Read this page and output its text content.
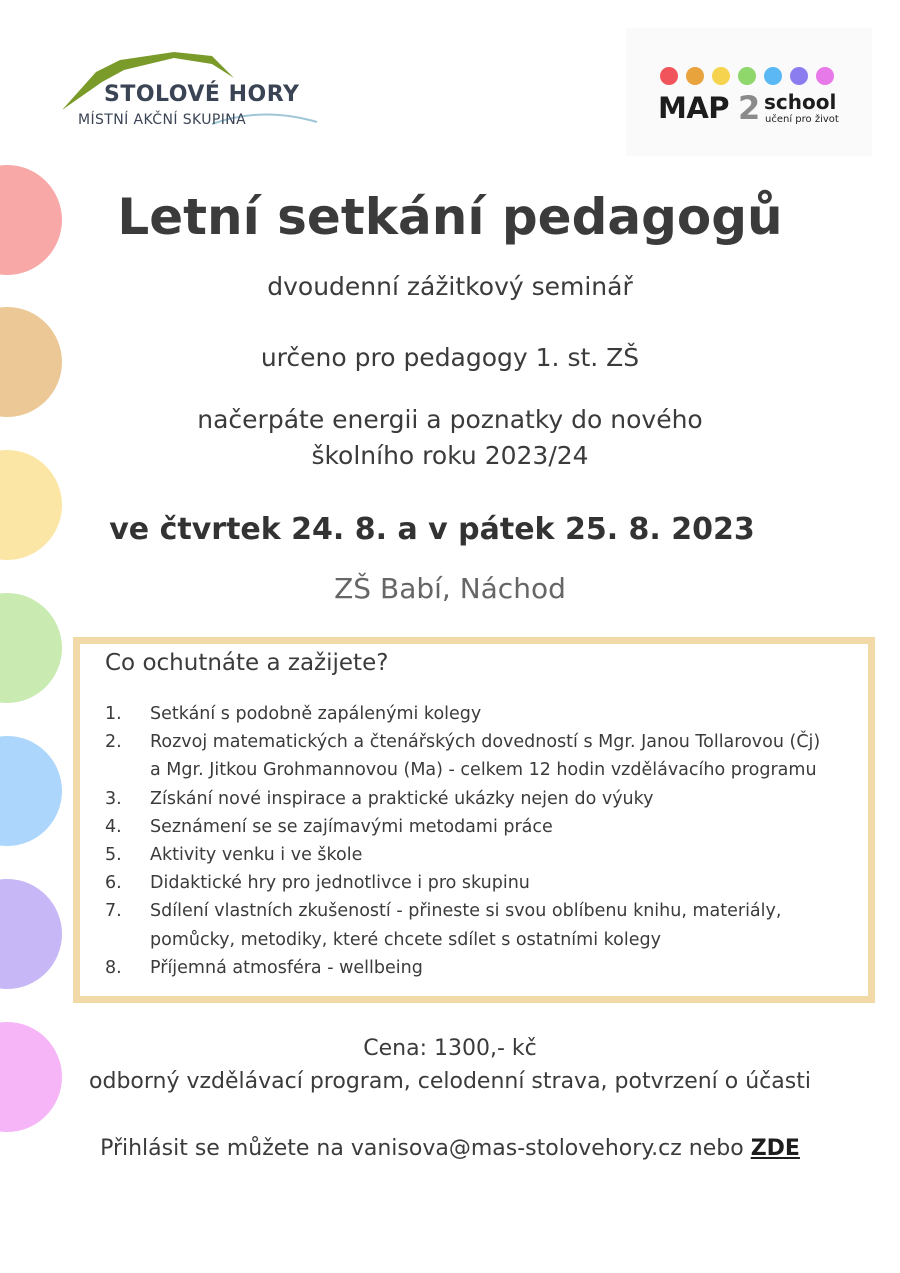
STOLOVÉ HORY
MÍSTNÍ AKČNÍ SKUPINA	MAP 2 school
učení pro život
Letní setkání pedagogů
dvoudenní zážitkový seminář
určeno pro pedagogy 1. st. ZŠ
načerpáte energii a poznatky do nového školního roku 2023/24
ve čtvrtek 24. 8. a v pátek 25. 8. 2023
ZŠ Babí, Náchod
Co ochutnáte a zažijete?
1.	Setkání s podobně zapálenými kolegy
2.	Rozvoj matematických a čtenářských dovedností s Mgr. Janou Tollarovou (Čj)
a Mgr. Jitkou Grohmannovou (Ma) - celkem 12 hodin vzdělávacího programu
3.	Získání nové inspirace a praktické ukázky nejen do výuky
4.	Seznámení se se zajímavými metodami práce
5.	Aktivity venku i ve škole
6.	Didaktické hry pro jednotlivce i pro skupinu
7.	Sdílení vlastních zkušeností - přineste si svou oblíbenu knihu, materiály,
pomůcky, metodiky, které chcete sdílet s ostatními kolegy
8.	Příjemná atmosféra - wellbeing
Cena: 1300,- kč
odborný vzdělávací program, celodenní strava, potvrzení o účasti
Přihlásit se můžete na vanisova@mas-stolovehory.cz nebo ZDE
